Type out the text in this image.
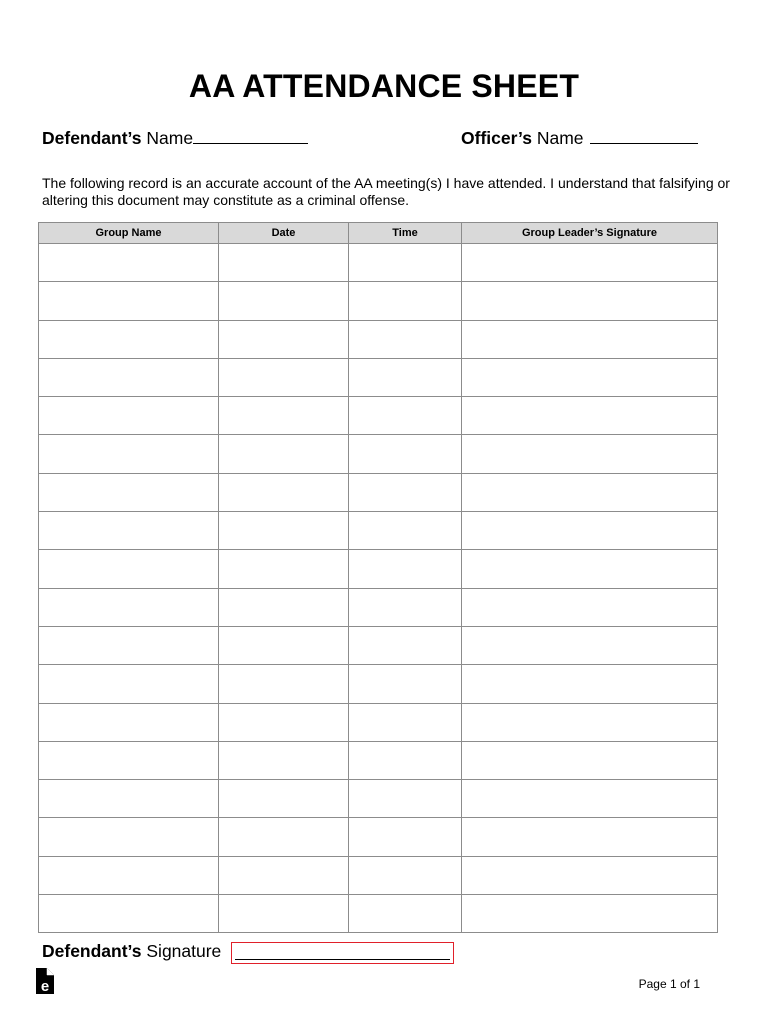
AA ATTENDANCE SHEET
Defendant’s Name	Officer’s Name
The following record is an accurate account of the AA meeting(s) I have attended. I understand that falsifying or altering this document may constitute as a criminal offense.
Group Name	Date	Time	Group Leader’s Signature

Defendant’s Signature
e	Page 1 of 1
